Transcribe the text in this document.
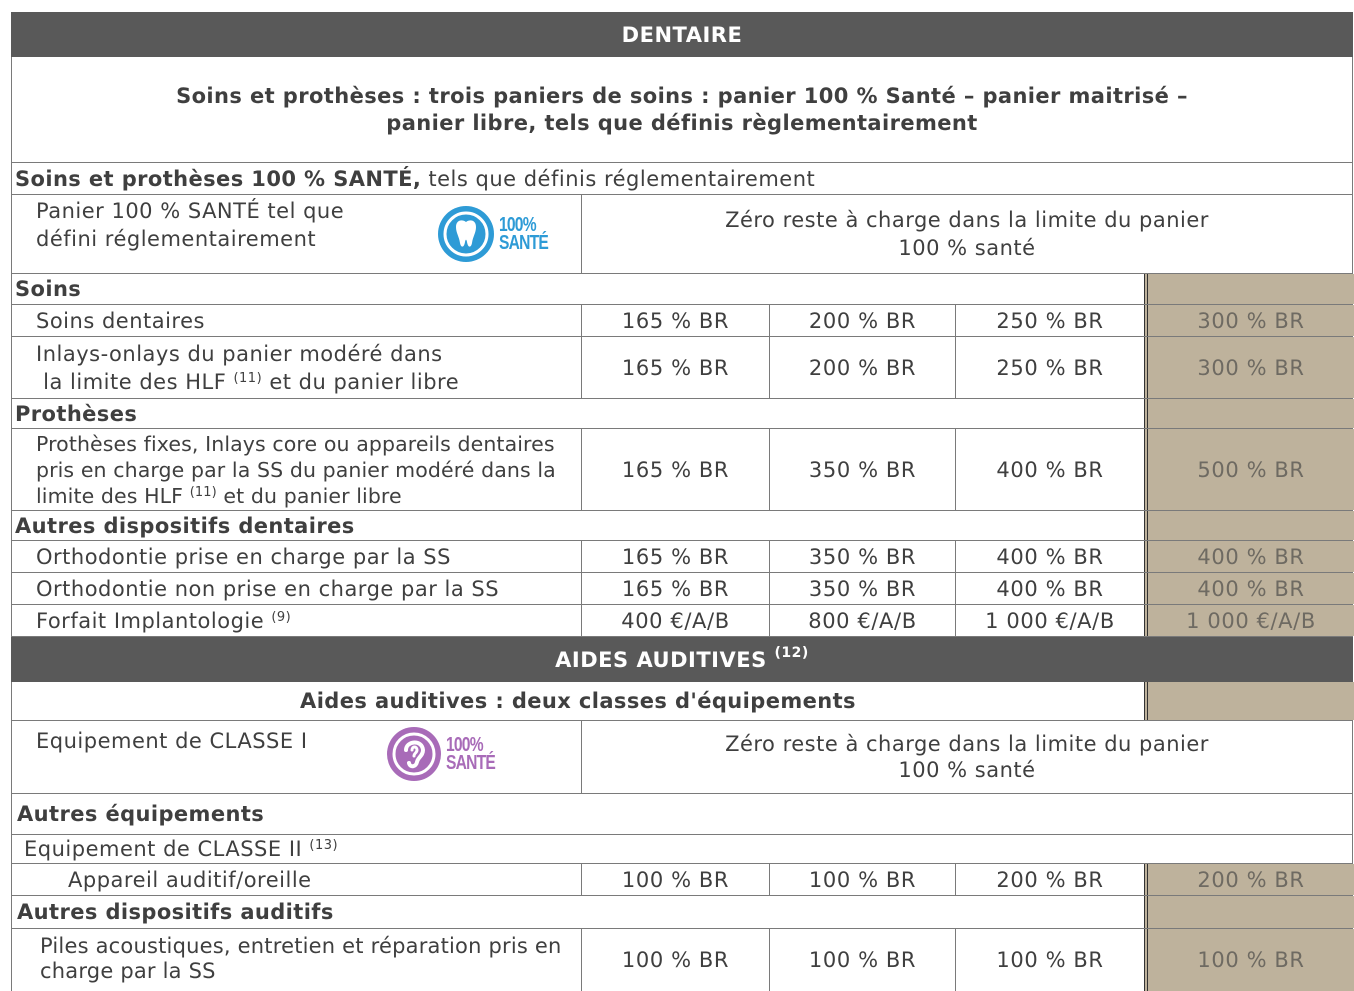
DENTAIRE
Soins et prothèses : trois paniers de soins : panier 100 % Santé – panier maitrisé –
panier libre, tels que définis règlementairement
Soins et prothèses 100 % SANTÉ, tels que définis réglementairement
Panier 100 % SANTÉ tel que
défini réglementairement
100%
SANTÉ
Zéro reste à charge dans la limite du panier
100 % santé
Soins
Soins dentaires	165 % BR	200 % BR	250 % BR	300 % BR
Inlays-onlays du panier modéré dans
la limite des HLF $^{(11)}$ et du panier libre
165 % BR	200 % BR	250 % BR	300 % BR
Prothèses
Prothèses fixes, Inlays core ou appareils dentaires
pris en charge par la SS du panier modéré dans la
limite des HLF $^{(11)}$ et du panier libre
165 % BR	350 % BR	400 % BR	500 % BR
Autres dispositifs dentaires
Orthodontie prise en charge par la SS	165 % BR	350 % BR	400 % BR	400 % BR
Orthodontie non prise en charge par la SS	165 % BR	350 % BR	400 % BR	400 % BR
Forfait Implantologie $^{(9)}$	400 €/A/B	800 €/A/B	1 000 €/A/B	1 000 €/A/B
AIDES AUDITIVES $^{(12)}$
Aides auditives : deux classes d'équipements
Equipement de CLASSE I	100%
SANTÉ
Zéro reste à charge dans la limite du panier
100 % santé
Autres équipements
Equipement de CLASSE II $^{(13)}$
Appareil auditif/oreille	100 % BR	100 % BR	200 % BR	200 % BR
Autres dispositifs auditifs
Piles acoustiques, entretien et réparation pris en
charge par la SS	100 % BR	100 % BR	100 % BR	100 % BR
